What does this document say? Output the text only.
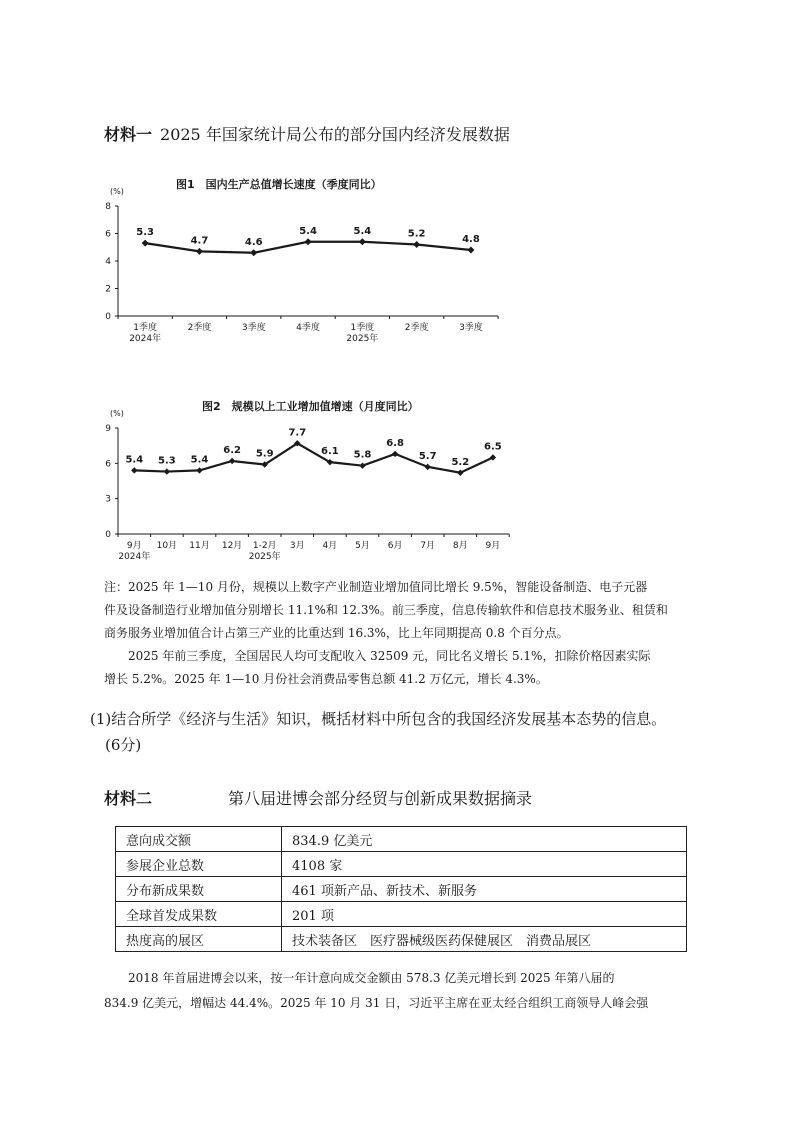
材料一 2025 年国家统计局公布的部分国内经济发展数据
图1　国内生产总值增长速度（季度同比）
(%)
0
2
4
6
8
1季度	2季度	3季度	4季度	1季度	2季度	3季度
2024年	2025年
5.3
4.7	4.6
5.4	5.4	5.2	4.8
图2　规模以上工业增加值增速（月度同比）
(%)
0
3
6
9
9月 10月 11月 12月 1-2月 3月 4月 5月 6月 7月 8月 9月
2024年	2025年
5.4 5.3 5.4
6.2 5.9
7.7
6.1 5.8
6.8
5.7
5.2
6.5
注：2025 年 1—10 月份，规模以上数字产业制造业增加值同比增长 9.5%，智能设备制造、电子元器
件及设备制造行业增加值分别增长 11.1%和 12.3%。前三季度，信息传输软件和信息技术服务业、租赁和
商务服务业增加值合计占第三产业的比重达到 16.3%，比上年同期提高 0.8 个百分点。
　　2025 年前三季度，全国居民人均可支配收入 32509 元，同比名义增长 5.1%，扣除价格因素实际
增长 5.2%。2025 年 1—10 月份社会消费品零售总额 41.2 万亿元，增长 4.3%。
(1)结合所学《经济与生活》知识，概括材料中所包含的我国经济发展基本态势的信息。
　(6分)
材料二	第八届进博会部分经贸与创新成果数据摘录
意向成交额	834.9 亿美元
参展企业总数	4108 家
分布新成果数	461 项新产品、新技术、新服务
全球首发成果数	201 项
热度高的展区	技术装备区　医疗器械级医药保健展区　消费品展区
　　2018 年首届进博会以来，按一年计意向成交金额由 578.3 亿美元增长到 2025 年第八届的
834.9 亿美元，增幅达 44.4%。2025 年 10 月 31 日，习近平主席在亚太经合组织工商领导人峰会强
